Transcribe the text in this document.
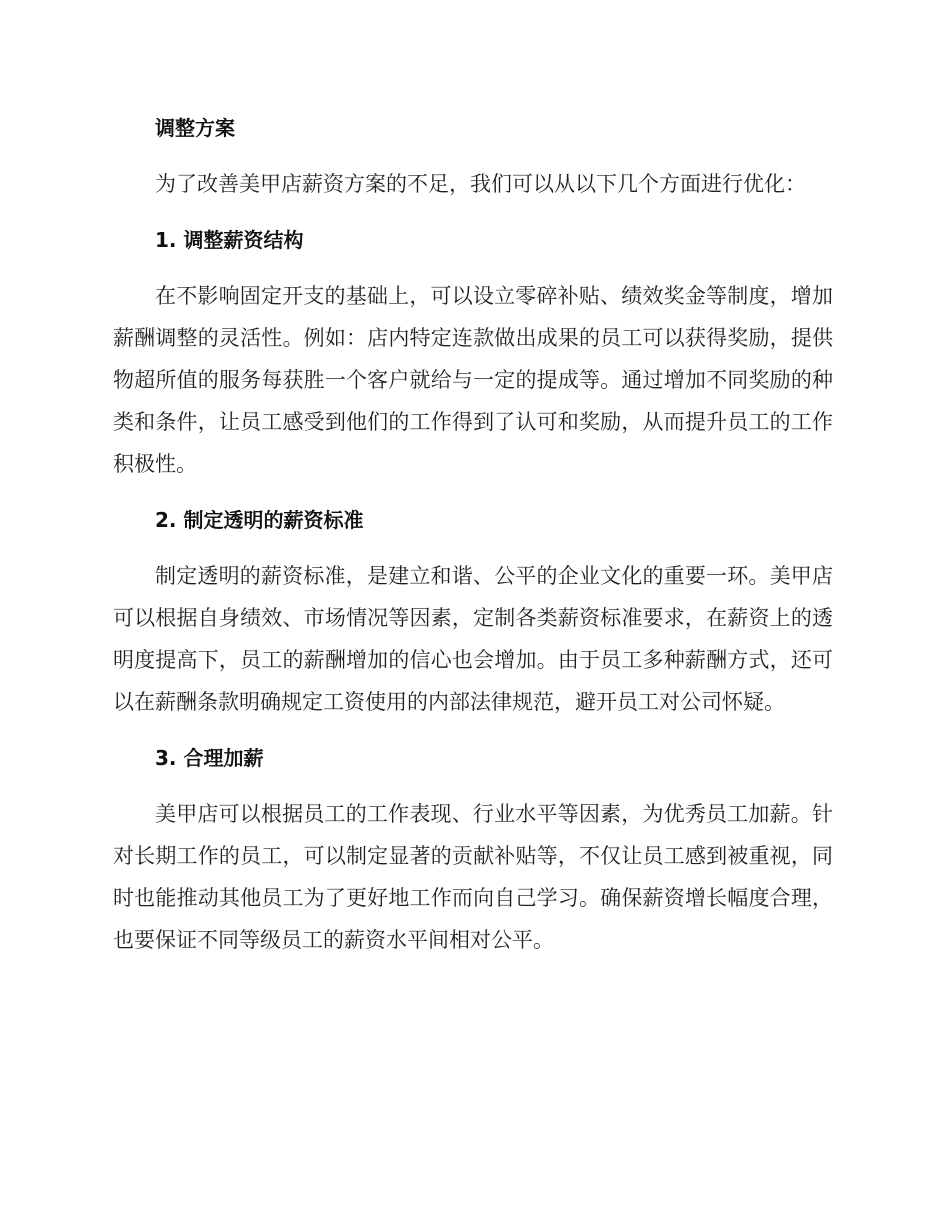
调整方案

为了改善美甲店薪资方案的不足，我们可以从以下几个方面进行优化：

1. 调整薪资结构

在不影响固定开支的基础上，可以设立零碎补贴、绩效奖金等制度，增加薪酬调整的灵活性。例如：店内特定连款做出成果的员工可以获得奖励，提供物超所值的服务每获胜一个客户就给与一定的提成等。通过增加不同奖励的种类和条件，让员工感受到他们的工作得到了认可和奖励，从而提升员工的工作积极性。

2. 制定透明的薪资标准

制定透明的薪资标准，是建立和谐、公平的企业文化的重要一环。美甲店可以根据自身绩效、市场情况等因素，定制各类薪资标准要求，在薪资上的透明度提高下，员工的薪酬增加的信心也会增加。由于员工多种薪酬方式，还可以在薪酬条款明确规定工资使用的内部法律规范，避开员工对公司怀疑。

3. 合理加薪

美甲店可以根据员工的工作表现、行业水平等因素，为优秀员工加薪。针对长期工作的员工，可以制定显著的贡献补贴等，不仅让员工感到被重视，同时也能推动其他员工为了更好地工作而向自己学习。确保薪资增长幅度合理，也要保证不同等级员工的薪资水平间相对公平。
